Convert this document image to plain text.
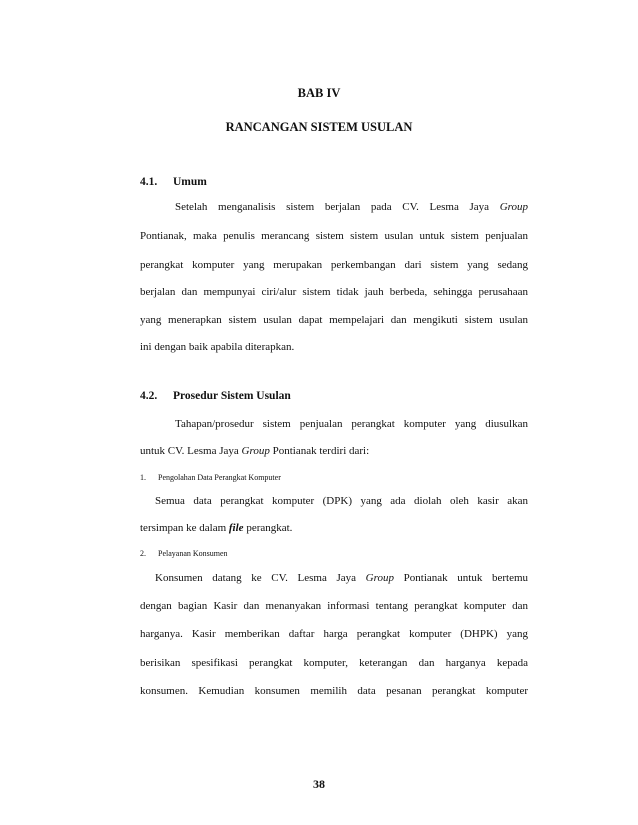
BAB IV
RANCANGAN SISTEM USULAN
4.1. Umum
Setelah menganalisis sistem berjalan pada CV. Lesma Jaya Group
Pontianak, maka penulis merancang sistem sistem usulan untuk sistem penjualan
perangkat komputer yang merupakan perkembangan dari sistem yang sedang
berjalan dan mempunyai ciri/alur sistem tidak jauh berbeda, sehingga perusahaan
yang menerapkan sistem usulan dapat mempelajari dan mengikuti sistem usulan
ini dengan baik apabila diterapkan.
4.2. Prosedur Sistem Usulan
Tahapan/prosedur sistem penjualan perangkat komputer yang diusulkan
untuk CV. Lesma Jaya Group Pontianak terdiri dari:
1. Pengolahan Data Perangkat Komputer
Semua data perangkat komputer (DPK) yang ada diolah oleh kasir akan
tersimpan ke dalam file perangkat.
2. Pelayanan Konsumen
Konsumen datang ke CV. Lesma Jaya Group Pontianak untuk bertemu
dengan bagian Kasir dan menanyakan informasi tentang perangkat komputer dan
harganya. Kasir memberikan daftar harga perangkat komputer (DHPK) yang
berisikan spesifikasi perangkat komputer, keterangan dan harganya kepada
konsumen. Kemudian konsumen memilih data pesanan perangkat komputer
38
